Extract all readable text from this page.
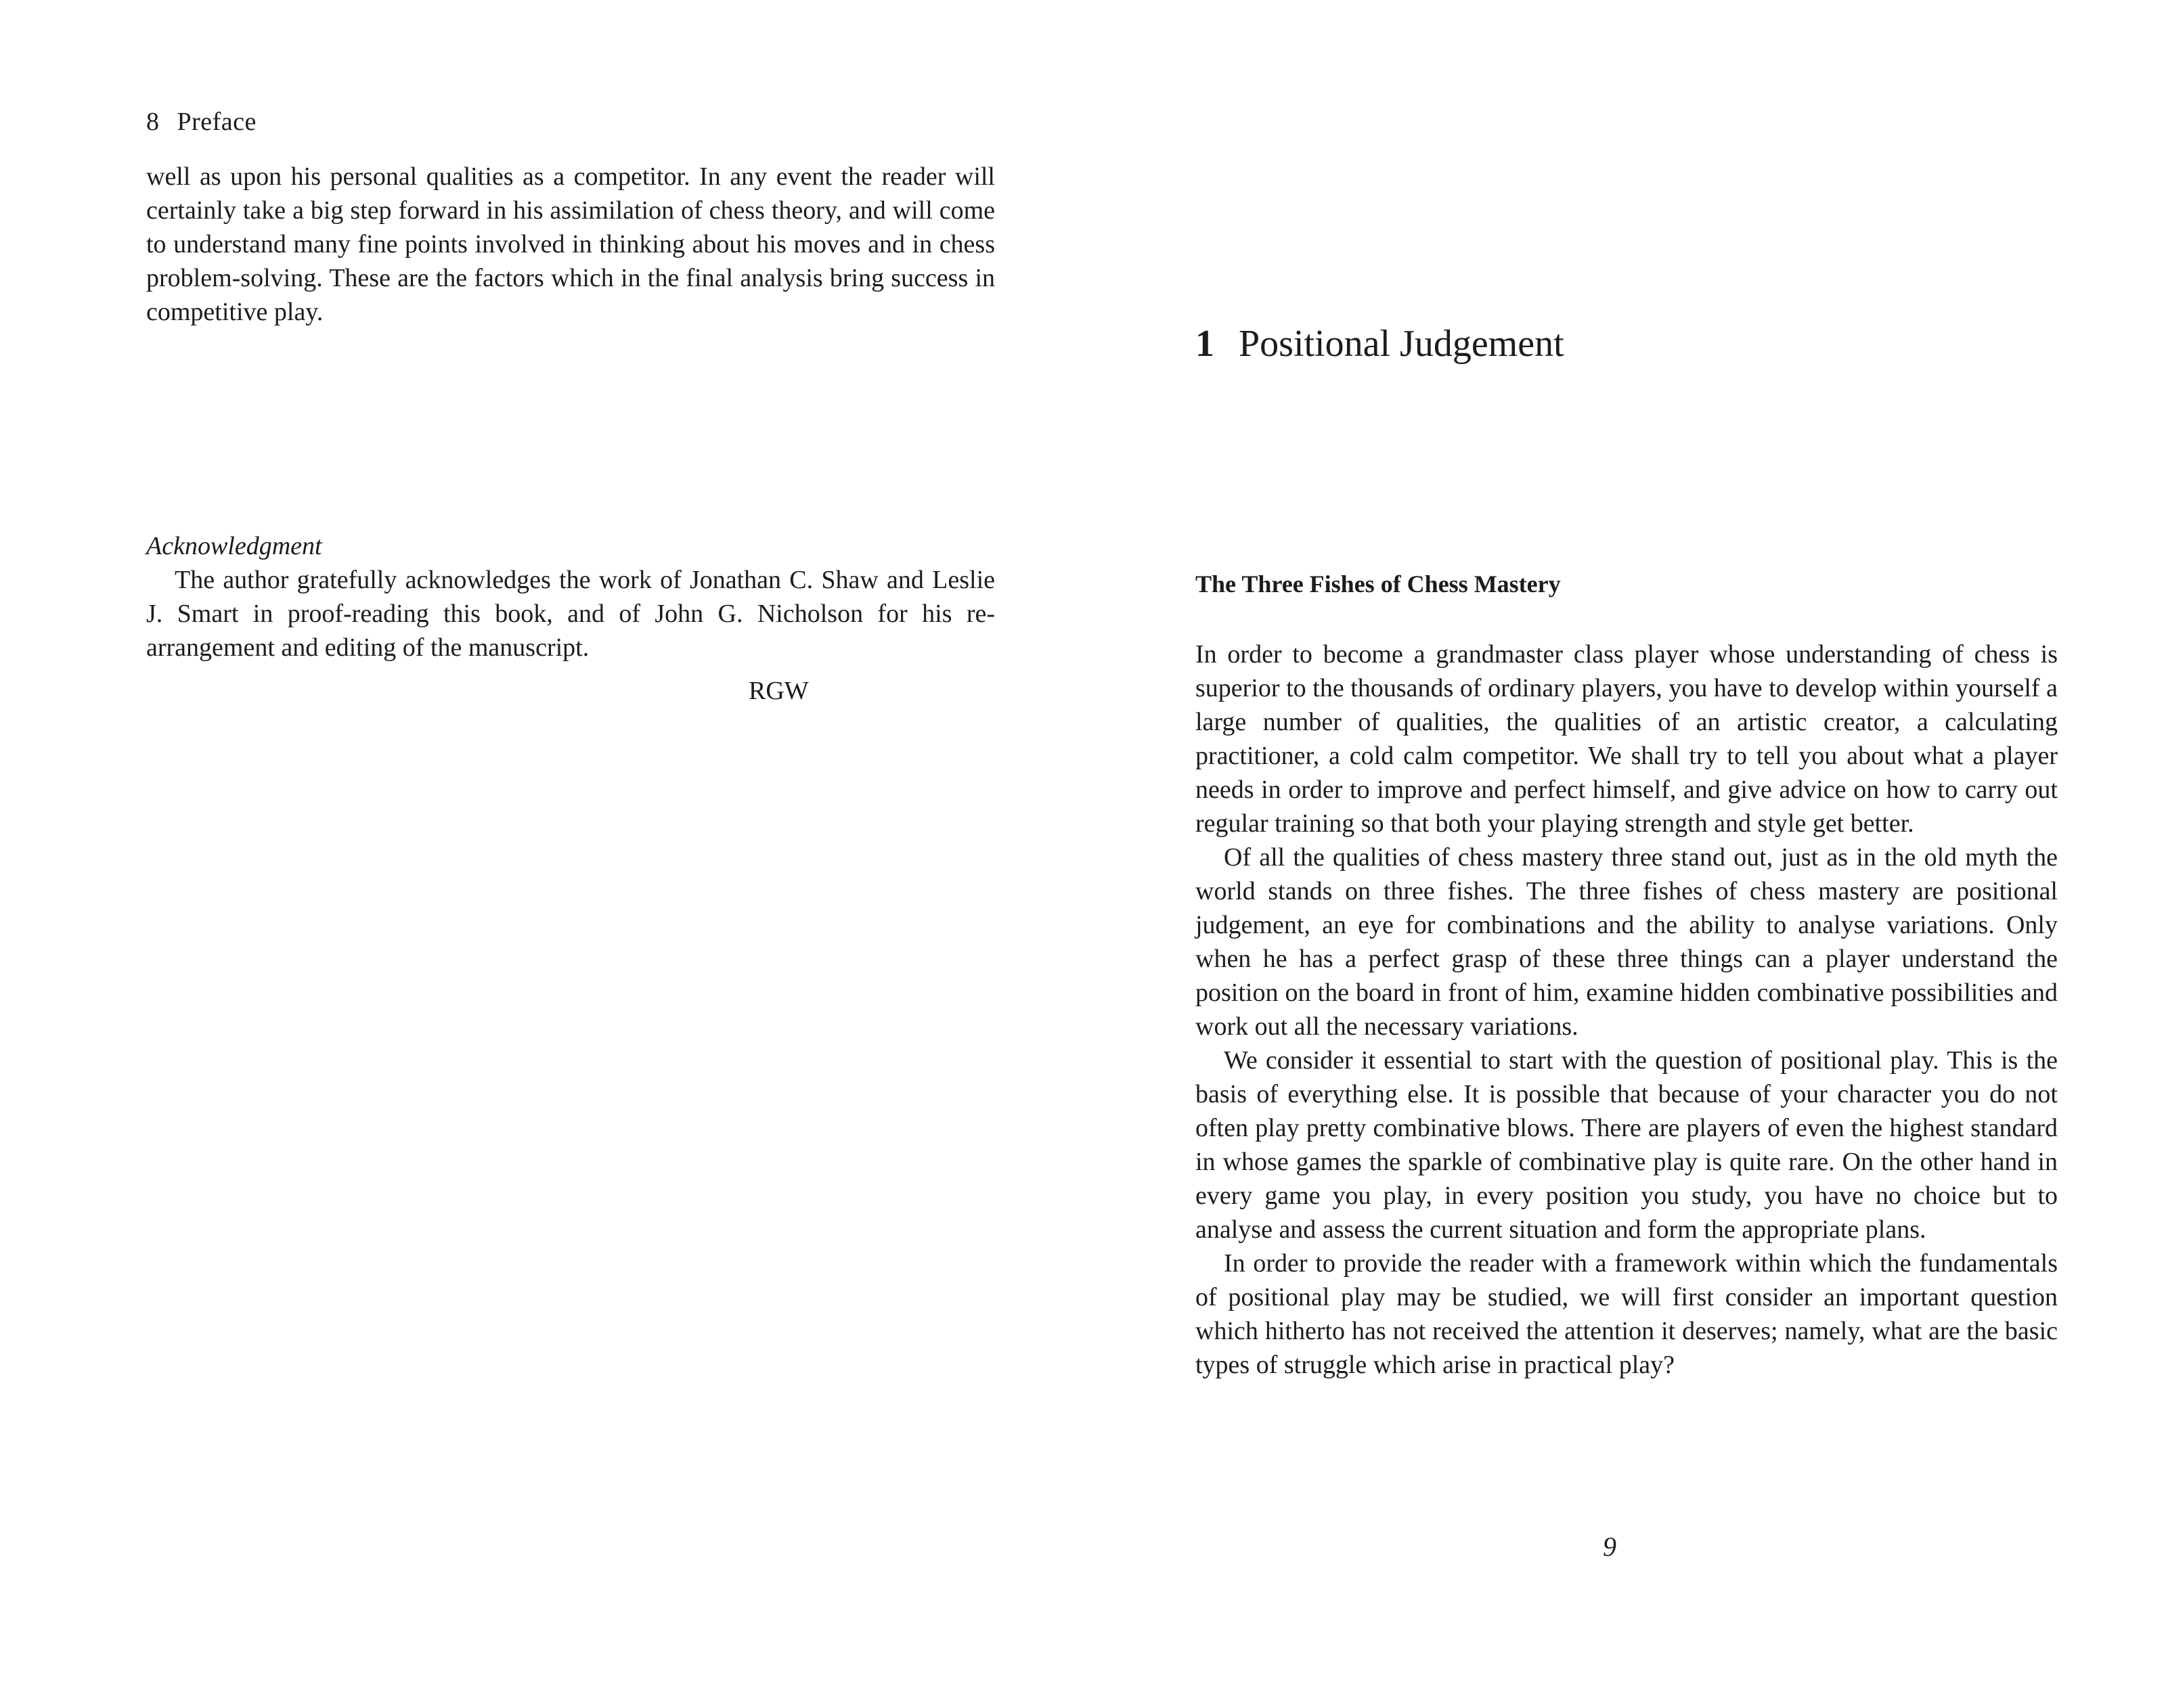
8 Preface

well as upon his personal qualities as a competitor. In any event the reader will certainly take a big step forward in his assimilation of chess theory, and will come to understand many fine points involved in thinking about his moves and in chess problem-solving. These are the factors which in the final analysis bring success in competitive play.

Acknowledgment

The author gratefully acknowledges the work of Jonathan C. Shaw and Leslie J. Smart in proof-reading this book, and of John G. Nicholson for his re-arrangement and editing of the manuscript.

RGW

1 Positional Judgement
The Three Fishes of Chess Mastery

In order to become a grandmaster class player whose understanding of chess is superior to the thousands of ordinary players, you have to develop within yourself a large number of qualities, the qualities of an artistic creator, a calculating practitioner, a cold calm competitor. We shall try to tell you about what a player needs in order to improve and perfect himself, and give advice on how to carry out regular training so that both your playing strength and style get better.

Of all the qualities of chess mastery three stand out, just as in the old myth the world stands on three fishes. The three fishes of chess mastery are positional judgement, an eye for combinations and the ability to analyse variations. Only when he has a perfect grasp of these three things can a player understand the position on the board in front of him, examine hidden combinative possibilities and work out all the necessary variations.

We consider it essential to start with the question of positional play. This is the basis of everything else. It is possible that because of your character you do not often play pretty combinative blows. There are players of even the highest standard in whose games the sparkle of combinative play is quite rare. On the other hand in every game you play, in every position you study, you have no choice but to analyse and assess the current situation and form the appropriate plans.

In order to provide the reader with a framework within which the fundamentals of positional play may be studied, we will first consider an important question which hitherto has not received the attention it deserves; namely, what are the basic types of struggle which arise in practical play?

9
